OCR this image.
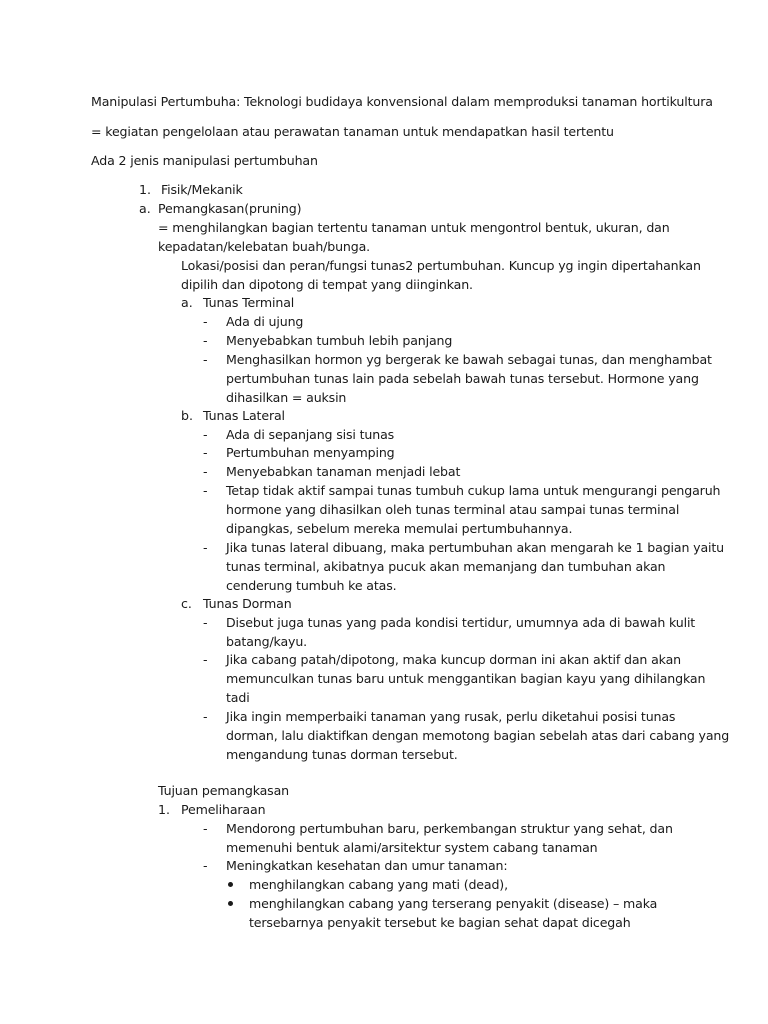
Manipulasi Pertumbuha: Teknologi budidaya konvensional dalam memproduksi tanaman hortikultura
= kegiatan pengelolaan atau perawatan tanaman untuk mendapatkan hasil tertentu
Ada 2 jenis manipulasi pertumbuhan
1. Fisik/Mekanik
a. Pemangkasan(pruning)
= menghilangkan bagian tertentu tanaman untuk mengontrol bentuk, ukuran, dan
kepadatan/kelebatan buah/bunga.
Lokasi/posisi dan peran/fungsi tunas2 pertumbuhan. Kuncup yg ingin dipertahankan
dipilih dan dipotong di tempat yang diinginkan.
a. Tunas Terminal
- Ada di ujung
- Menyebabkan tumbuh lebih panjang
- Menghasilkan hormon yg bergerak ke bawah sebagai tunas, dan menghambat
pertumbuhan tunas lain pada sebelah bawah tunas tersebut. Hormone yang
dihasilkan = auksin
b. Tunas Lateral
- Ada di sepanjang sisi tunas
- Pertumbuhan menyamping
- Menyebabkan tanaman menjadi lebat
- Tetap tidak aktif sampai tunas tumbuh cukup lama untuk mengurangi pengaruh
hormone yang dihasilkan oleh tunas terminal atau sampai tunas terminal
dipangkas, sebelum mereka memulai pertumbuhannya.
- Jika tunas lateral dibuang, maka pertumbuhan akan mengarah ke 1 bagian yaitu
tunas terminal, akibatnya pucuk akan memanjang dan tumbuhan akan
cenderung tumbuh ke atas.
c. Tunas Dorman
- Disebut juga tunas yang pada kondisi tertidur, umumnya ada di bawah kulit
batang/kayu.
- Jika cabang patah/dipotong, maka kuncup dorman ini akan aktif dan akan
memunculkan tunas baru untuk menggantikan bagian kayu yang dihilangkan
tadi
- Jika ingin memperbaiki tanaman yang rusak, perlu diketahui posisi tunas
dorman, lalu diaktifkan dengan memotong bagian sebelah atas dari cabang yang
mengandung tunas dorman tersebut.
Tujuan pemangkasan
1. Pemeliharaan
- Mendorong pertumbuhan baru, perkembangan struktur yang sehat, dan
memenuhi bentuk alami/arsitektur system cabang tanaman
- Meningkatkan kesehatan dan umur tanaman:
menghilangkan cabang yang mati (dead),
menghilangkan cabang yang terserang penyakit (disease) – maka
tersebarnya penyakit tersebut ke bagian sehat dapat dicegah
